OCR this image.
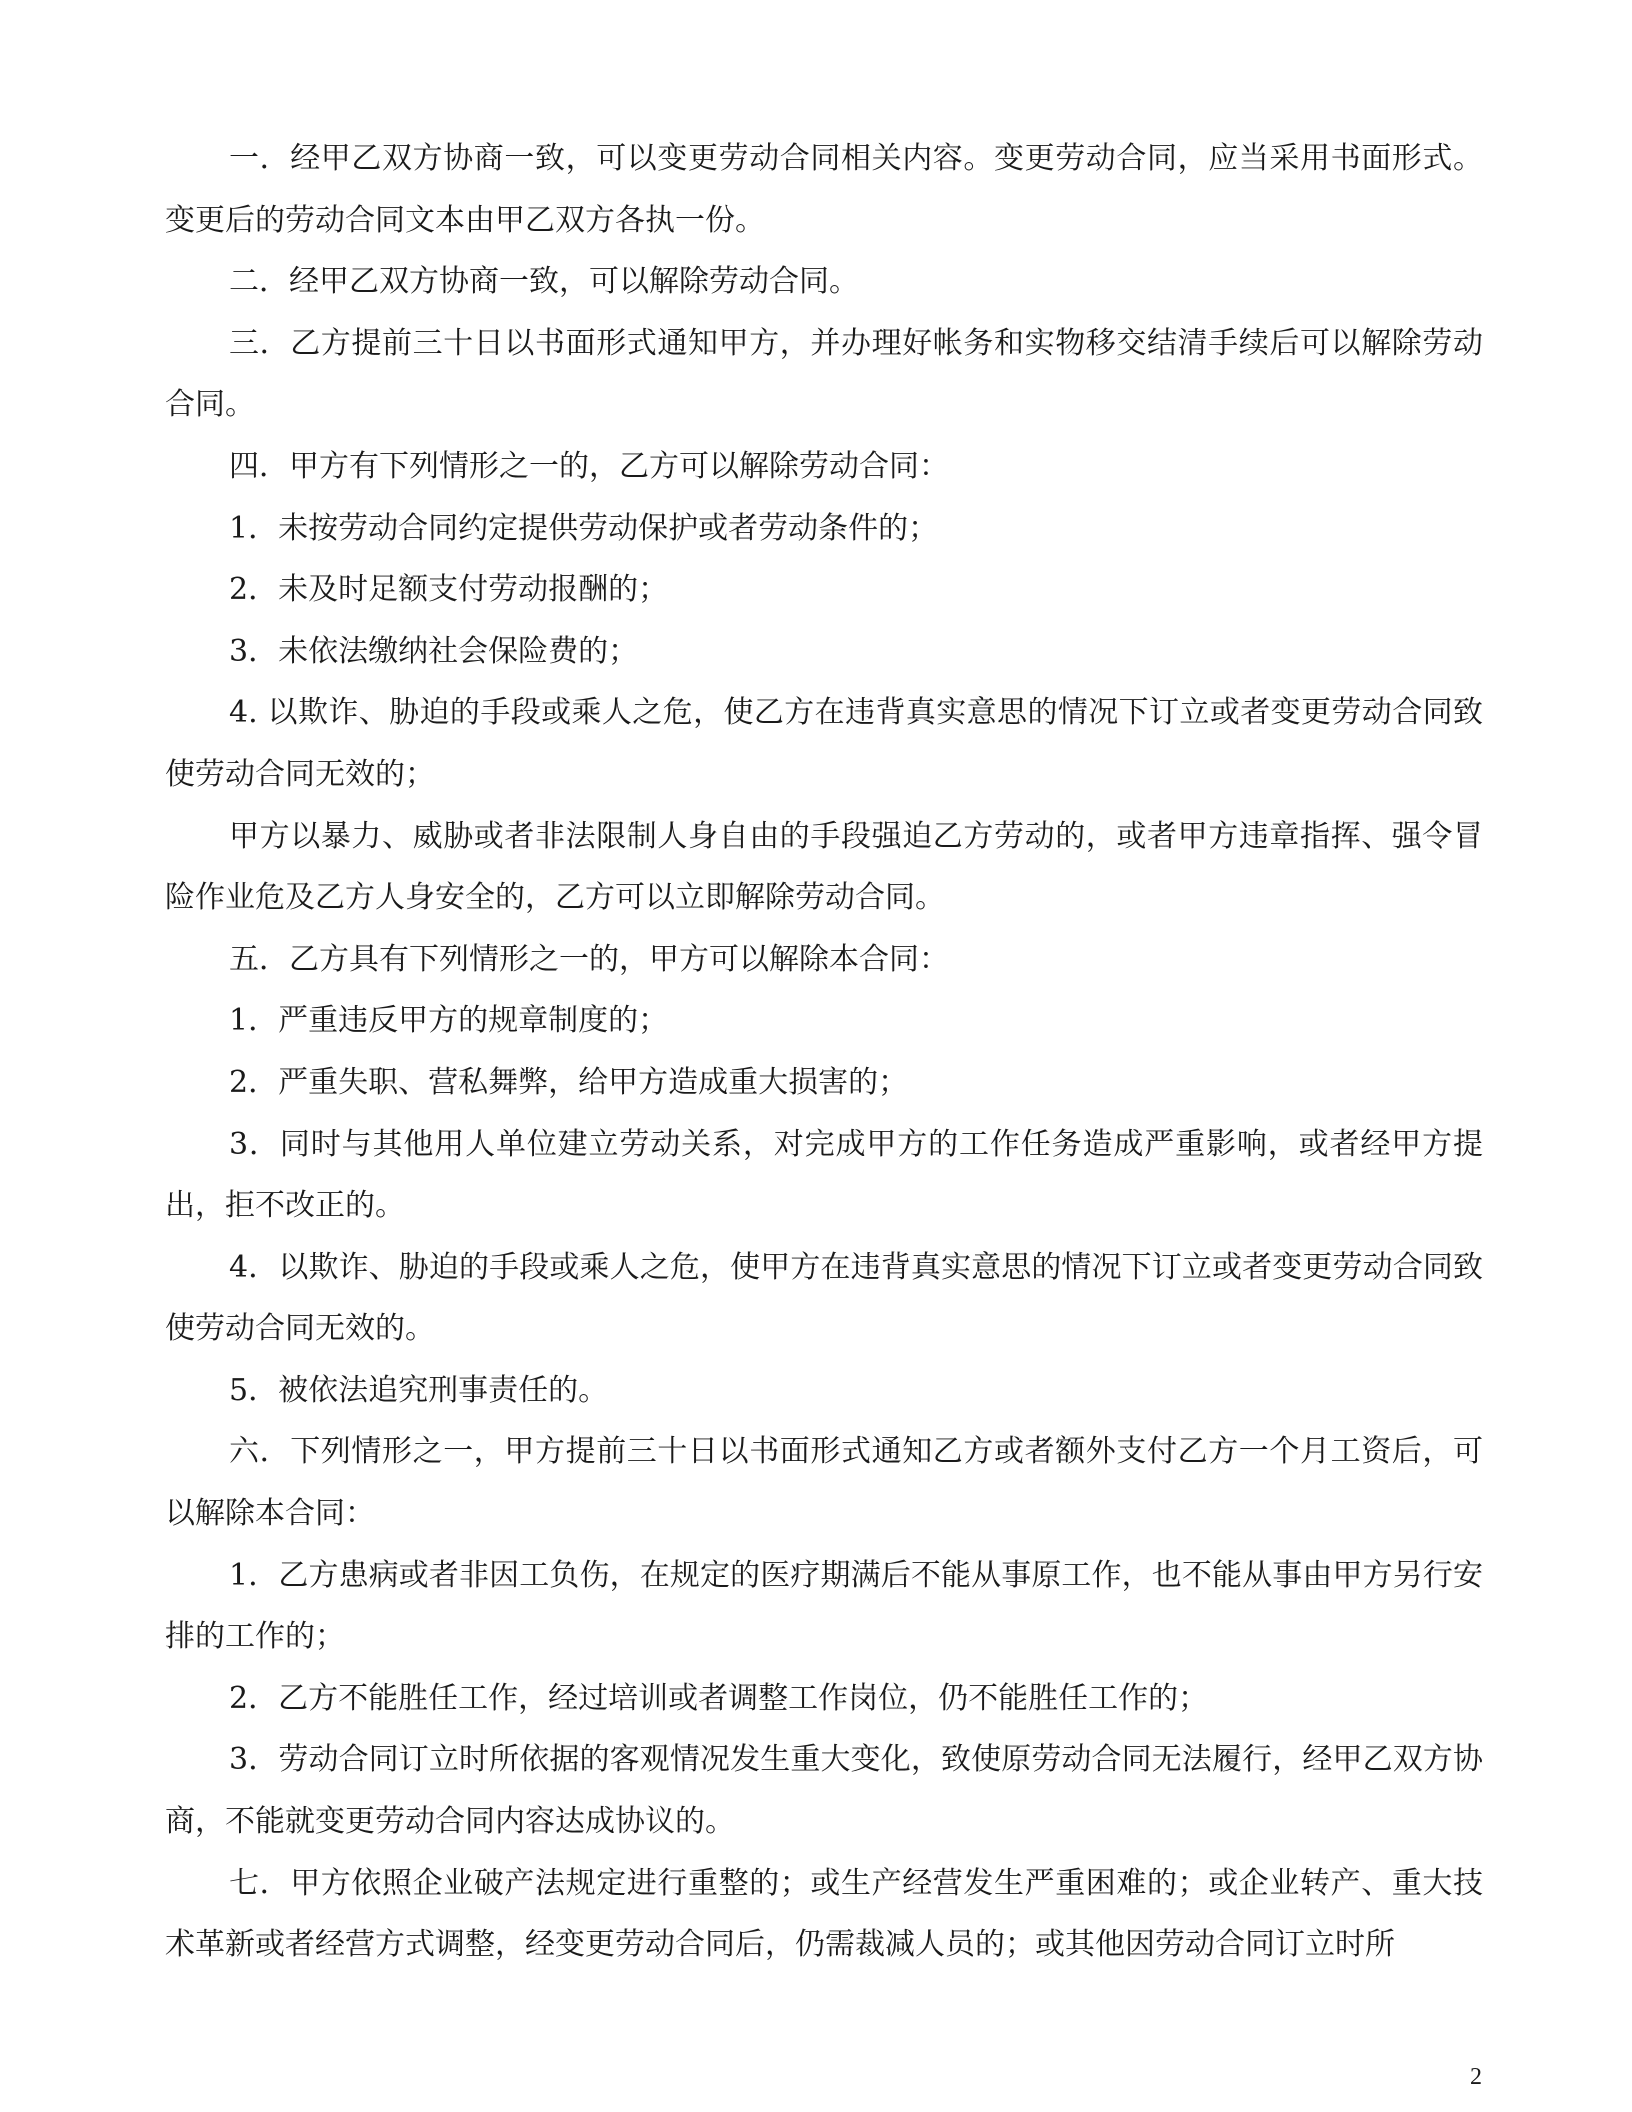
一．经甲乙双方协商一致，可以变更劳动合同相关内容。变更劳动合同，应当采用书面形式。变更后的劳动合同文本由甲乙双方各执一份。

二．经甲乙双方协商一致，可以解除劳动合同。

三．乙方提前三十日以书面形式通知甲方，并办理好帐务和实物移交结清手续后可以解除劳动合同。

四．甲方有下列情形之一的，乙方可以解除劳动合同：

1．未按劳动合同约定提供劳动保护或者劳动条件的；

2．未及时足额支付劳动报酬的；

3．未依法缴纳社会保险费的；

4. 以欺诈、胁迫的手段或乘人之危，使乙方在违背真实意思的情况下订立或者变更劳动合同致使劳动合同无效的；

甲方以暴力、威胁或者非法限制人身自由的手段强迫乙方劳动的，或者甲方违章指挥、强令冒险作业危及乙方人身安全的，乙方可以立即解除劳动合同。

五．乙方具有下列情形之一的，甲方可以解除本合同：

1．严重违反甲方的规章制度的；

2．严重失职、营私舞弊，给甲方造成重大损害的；

3．同时与其他用人单位建立劳动关系，对完成甲方的工作任务造成严重影响，或者经甲方提出，拒不改正的。

4．以欺诈、胁迫的手段或乘人之危，使甲方在违背真实意思的情况下订立或者变更劳动合同致使劳动合同无效的。

5．被依法追究刑事责任的。

六．下列情形之一，甲方提前三十日以书面形式通知乙方或者额外支付乙方一个月工资后，可以解除本合同：

1．乙方患病或者非因工负伤，在规定的医疗期满后不能从事原工作，也不能从事由甲方另行安排的工作的；

2．乙方不能胜任工作，经过培训或者调整工作岗位，仍不能胜任工作的；

3．劳动合同订立时所依据的客观情况发生重大变化，致使原劳动合同无法履行，经甲乙双方协商，不能就变更劳动合同内容达成协议的。

七．甲方依照企业破产法规定进行重整的；或生产经营发生严重困难的；或企业转产、重大技术革新或者经营方式调整，经变更劳动合同后，仍需裁减人员的；或其他因劳动合同订立时所

2
